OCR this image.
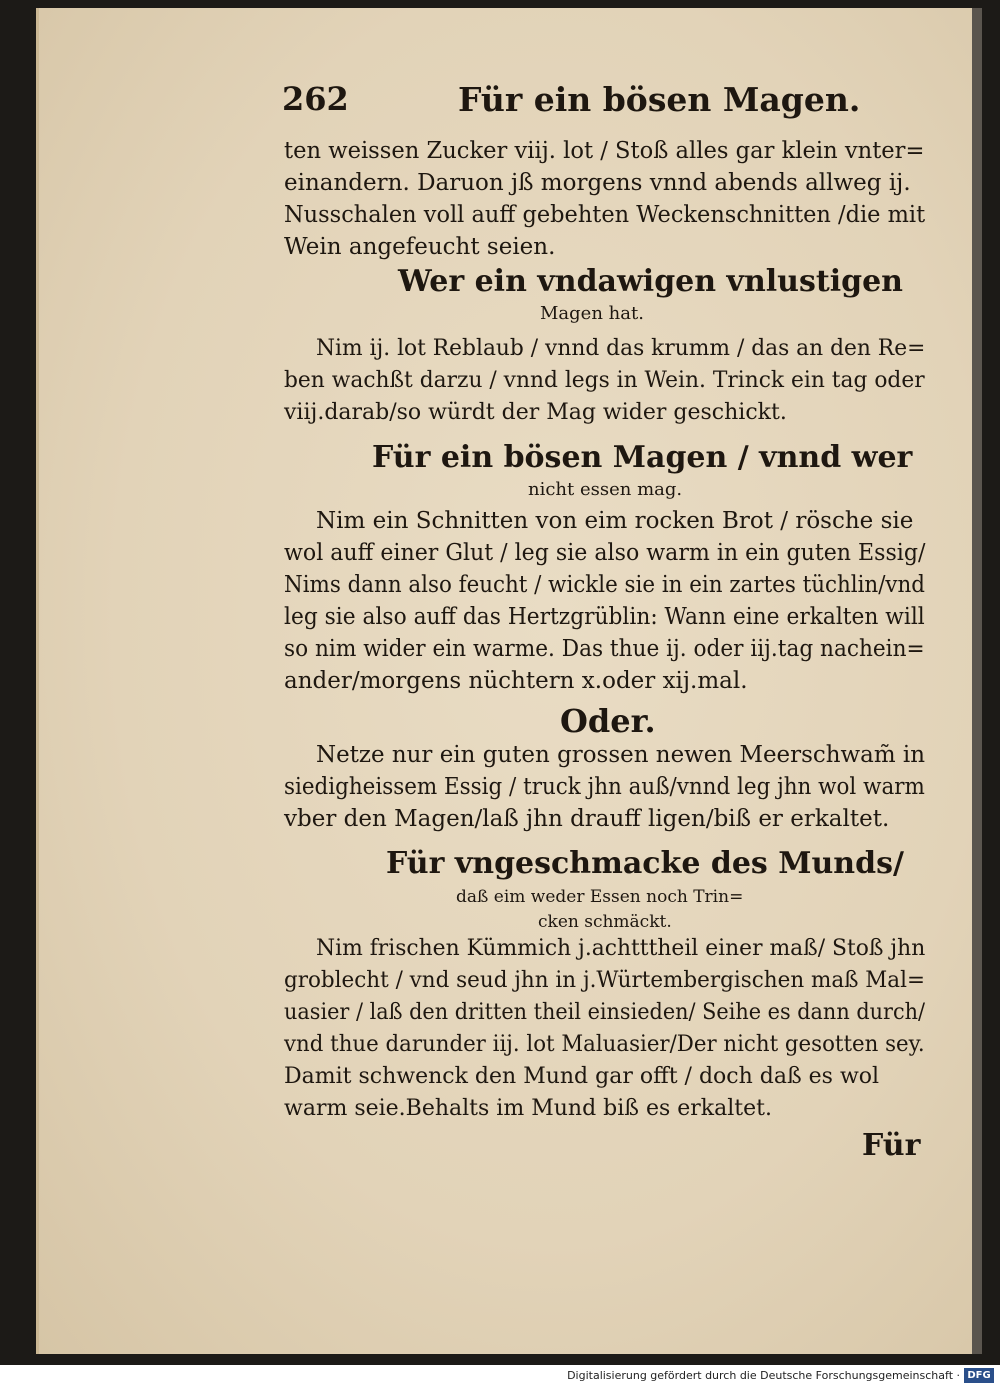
262	Für ein bösen Magen.
ten weissen Zucker viij. lot / Stoß alles gar klein vnter=
einandern. Daruon jß morgens vnnd abends allweg ij.
Nusschalen voll auff gebehten Weckenschnitten /die mit
Wein angefeucht seien.
Wer ein vndawigen vnlustigen
Magen hat.
Nim ij. lot Reblaub / vnnd das krumm / das an den Re=
ben wachßt darzu / vnnd legs in Wein. Trinck ein tag oder
viij.darab/so würdt der Mag wider geschickt.
Für ein bösen Magen / vnnd wer
nicht essen mag.
Nim ein Schnitten von eim rocken Brot / rösche sie
wol auff einer Glut / leg sie also warm in ein guten Essig/
Nims dann also feucht / wickle sie in ein zartes tüchlin/vnd
leg sie also auff das Hertzgrüblin: Wann eine erkalten will
so nim wider ein warme. Das thue ij. oder iij.tag nachein=
ander/morgens nüchtern x.oder xij.mal.
Oder.
Netze nur ein guten grossen newen Meerschwam̃ in
siedigheissem Essig / truck jhn auß/vnnd leg jhn wol warm
vber den Magen/laß jhn drauff ligen/biß er erkaltet.
Für vngeschmacke des Munds/
daß eim weder Essen noch Trin=
cken schmäckt.
Nim frischen Kümmich j.achtttheil einer maß/ Stoß jhn
groblecht / vnd seud jhn in j.Würtembergischen maß Mal=
uasier / laß den dritten theil einsieden/ Seihe es dann durch/
vnd thue darunder iij. lot Maluasier/Der nicht gesotten sey.
Damit schwenck den Mund gar offt / doch daß es wol
warm seie.Behalts im Mund biß es erkaltet.
Für
Digitalisierung gefördert durch die Deutsche Forschungsgemeinschaft · DFG
